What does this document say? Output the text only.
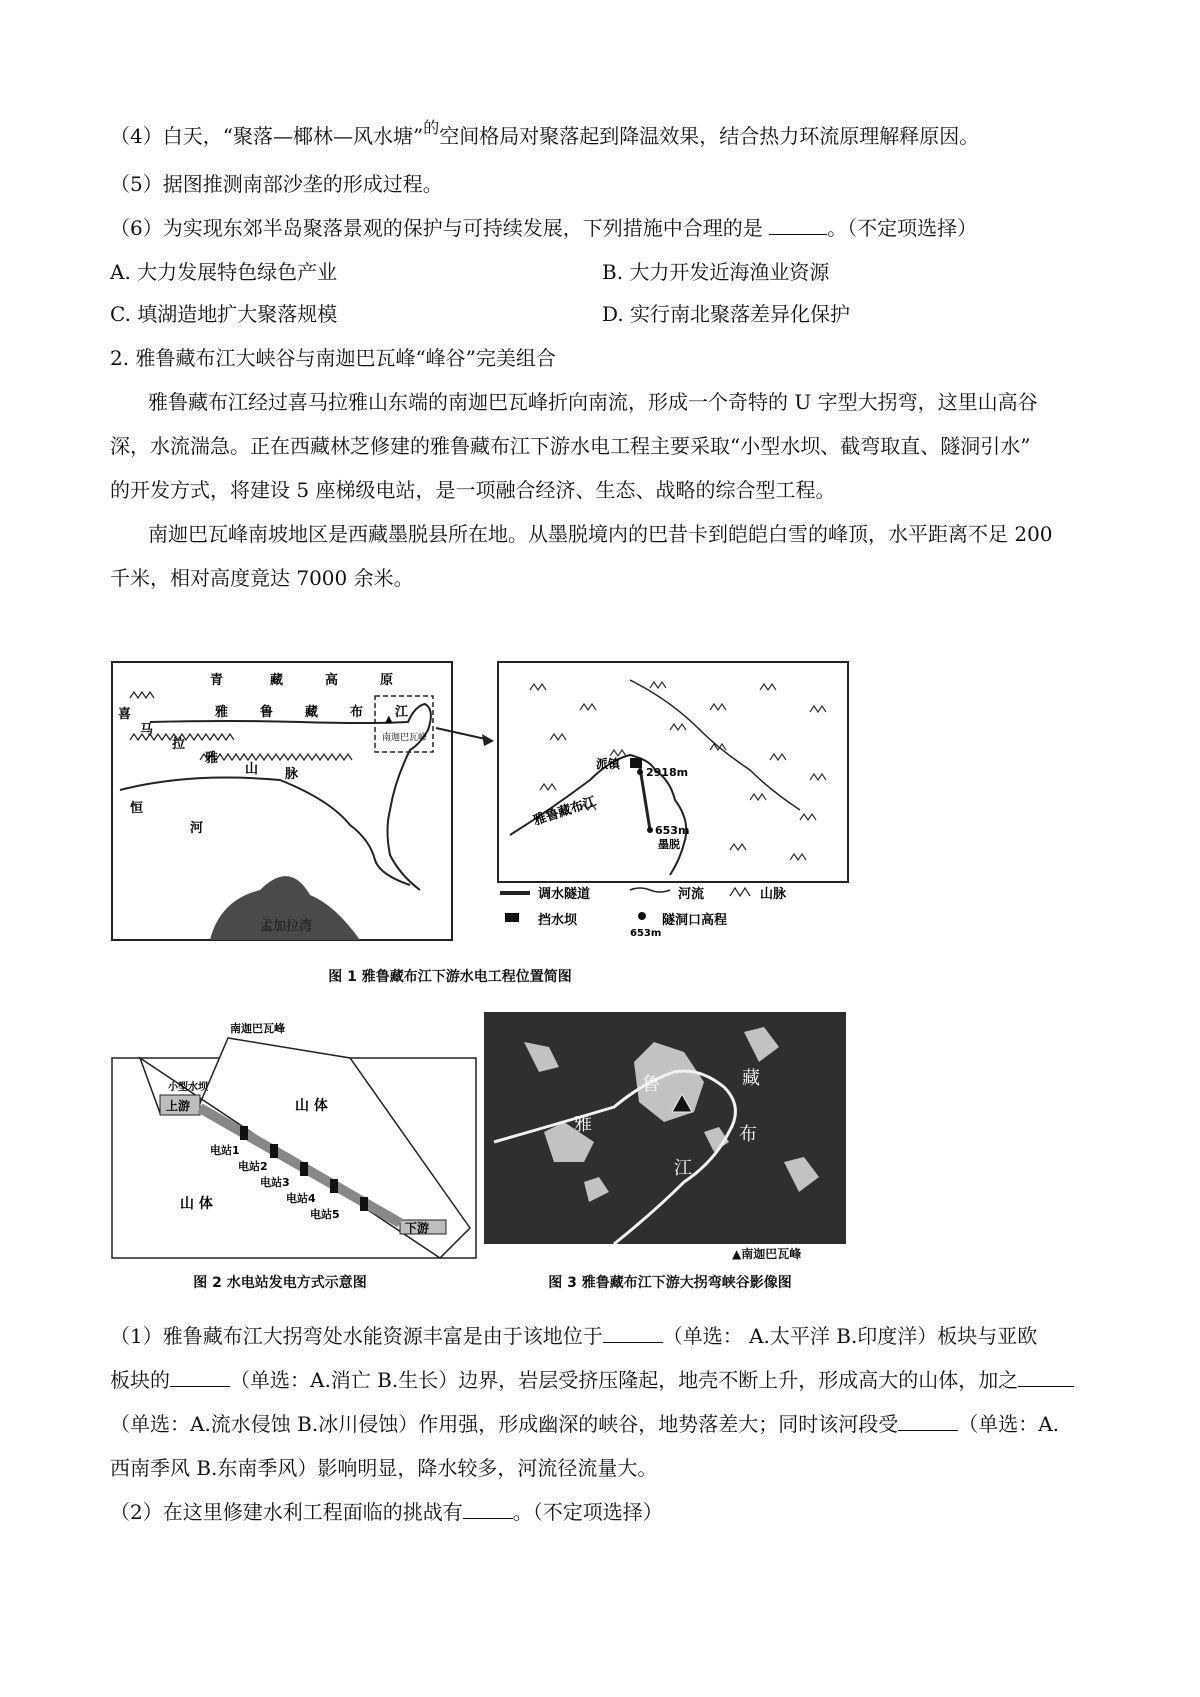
（4）白天，“聚落—椰林—风水塘”$^的$空间格局对聚落起到降温效果，结合热力环流原理解释原因。
（5）据图推测南部沙垄的形成过程。
（6）为实现东郊半岛聚落景观的保护与可持续发展，下列措施中合理的是	。（不定项选择）
A. 大力发展特色绿色产业	B. 大力开发近海渔业资源
C. 填湖造地扩大聚落规模	D. 实行南北聚落差异化保护
2. 雅鲁藏布江大峡谷与南迦巴瓦峰“峰谷”完美组合
雅鲁藏布江经过喜马拉雅山东端的南迦巴瓦峰折向南流，形成一个奇特的 U 字型大拐弯，这里山高谷
深，水流湍急。正在西藏林芝修建的雅鲁藏布江下游水电工程主要采取“小型水坝、截弯取直、隧洞引水”
的开发方式，将建设 5 座梯级电站，是一项融合经济、生态、战略的综合型工程。
南迦巴瓦峰南坡地区是西藏墨脱县所在地。从墨脱境内的巴昔卡到皑皑白雪的峰顶，水平距离不足 200
千米，相对高度竟达 7000 余米。
孟加拉湾
青	藏	高	原
喜
马
拉
雅
山 脉
雅 鲁 藏 布 江
恒
河
▲
南迦巴瓦峰
派镇
2918m
653m
墨脱
雅鲁藏布江
调水隧道	河流	山脉
挡水坝
653m
隧洞口高程
图 1 雅鲁藏布江下游水电工程位置简图
南迦巴瓦峰
小型水坝
上游
下游
山 体
山 体
电站1
电站2
电站3
电站4
电站5
图 2 水电站发电方式示意图
雅
鲁	藏
布
江
▲南迦巴瓦峰
图 3 雅鲁藏布江下游大拐弯峡谷影像图
（1）雅鲁藏布江大拐弯处水能资源丰富是由于该地位于	（单选： A.太平洋 B.印度洋）板块与亚欧
板块的	（单选：A.消亡 B.生长）边界，岩层受挤压隆起，地壳不断上升，形成高大的山体，加之
（单选：A.流水侵蚀 B.冰川侵蚀）作用强，形成幽深的峡谷，地势落差大；同时该河段受	（单选：A.
西南季风 B.东南季风）影响明显，降水较多，河流径流量大。
（2）在这里修建水利工程面临的挑战有	。（不定项选择）
